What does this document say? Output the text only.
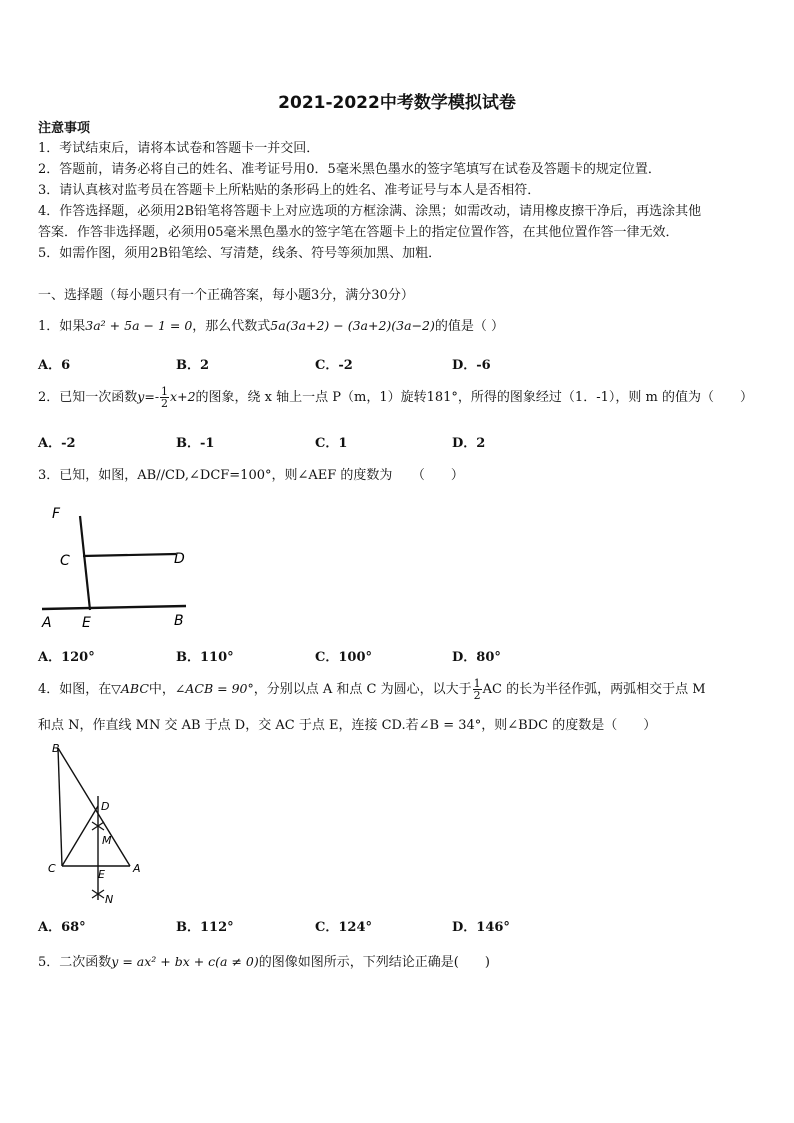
2021-2022中考数学模拟试卷
注意事项
1．考试结束后，请将本试卷和答题卡一并交回．
2．答题前，请务必将自己的姓名、准考证号用0．5毫米黑色墨水的签字笔填写在试卷及答题卡的规定位置．
3．请认真核对监考员在答题卡上所粘贴的条形码上的姓名、准考证号与本人是否相符．
4．作答选择题，必须用2B铅笔将答题卡上对应选项的方框涂满、涂黑；如需改动，请用橡皮擦干净后，再选涂其他
答案．作答非选择题，必须用05毫米黑色墨水的签字笔在答题卡上的指定位置作答，在其他位置作答一律无效．
5．如需作图，须用2B铅笔绘、写清楚，线条、符号等须加黑、加粗．
一、选择题（每小题只有一个正确答案，每小题3分，满分30分）
1．如果3a² + 5a − 1 = 0，那么代数式5a(3a+2) − (3a+2)(3a−2)的值是（ ）
A．6	B．2	C．-2	D．-6
2．已知一次函数$y=- \frac{1}{2} x+2$的图象，绕 x 轴上一点 P（m，1）旋转181°，所得的图象经过（1．-1），则 m 的值为（　　）
A．-2	B．-1	C．1	D．2
3．已知，如图，AB//CD,∠DCF=100°，则∠AEF 的度数为　　（　　）
F
C	D
A E	B
A．120°	B．110°	C．100°	D．80°
4．如图，在▽ABC中，∠ACB = 90°，分别以点 A 和点 C 为圆心，以大于 $\frac{1}{2}$ AC 的长为半径作弧，两弧相交于点 M
和点 N，作直线 MN 交 AB 于点 D，交 AC 于点 E，连接 CD.若∠B = 34°，则∠BDC 的度数是（　　）
B
D
M
C	A
E
N
A．68°	B．112°	C．124°	D．146°
5．二次函数y = ax² + bx + c(a ≠ 0)的图像如图所示，下列结论正确是(　　)
